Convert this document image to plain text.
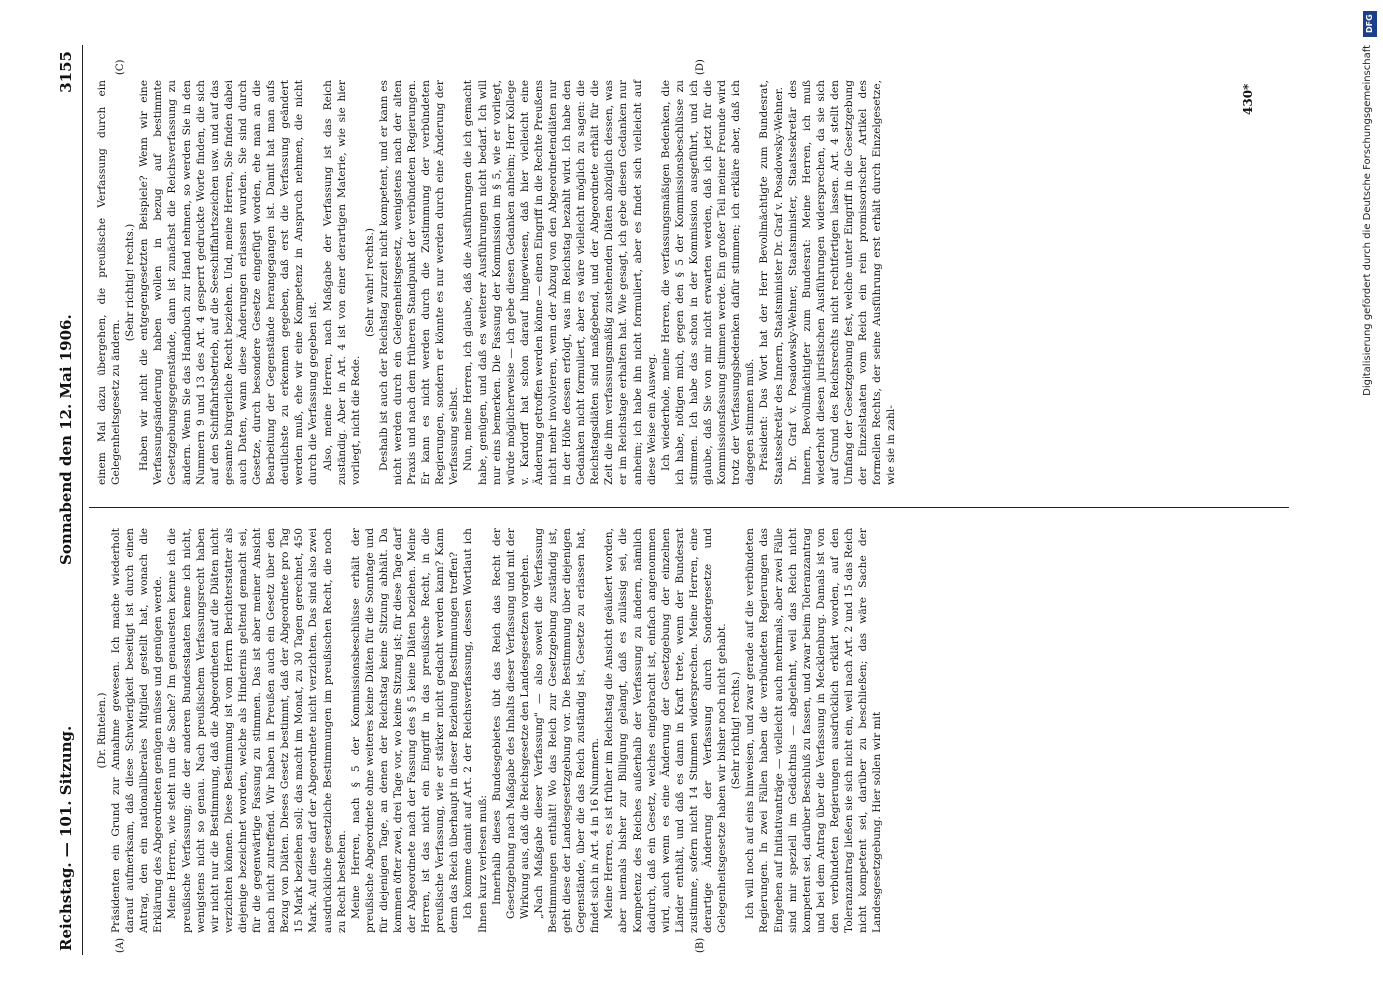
Reichstag. — 101. Sitzung.
Sonnabend den 12. Mai 1906.
3155
(A)	(B)
(C)	(D)

(Dr. Rintelen.) Präsidenten ein Grund zur Annahme gewesen. Ich mache wiederholt darauf aufmerksam, daß diese Schwierigkeit beseitigt ist durch einen Antrag, den ein nationalliberales Mitglied gestellt hat, wonach die Erklärung des Abgeordneten genügen müsse und genügen werde. Meine Herren, wie steht nun die Sache? Im genauesten kenne ich die preußische Verfassung; die der anderen Bundesstaaten kenne ich nicht, wenigstens nicht so genau. Nach preußischem Verfassungsrecht haben wir nicht nur die Bestimmung, daß die Abgeordneten auf die Diäten nicht verzichten können. Diese Bestimmung ist vom Herrn Berichterstatter als diejenige bezeichnet worden, welche als Hindernis geltend gemacht sei, für die gegenwärtige Fassung zu stimmen. Das ist aber meiner Ansicht nach nicht zutreffend. Wir haben in Preußen auch ein Gesetz über den Bezug von Diäten. Dieses Gesetz bestimmt, daß der Abgeordnete pro Tag 15 Mark beziehen soll; das macht im Monat, zu 30 Tagen gerechnet, 450 Mark. Auf diese darf der Abgeordnete nicht verzichten. Das sind also zwei ausdrückliche gesetzliche Bestimmungen im preußischen Recht, die noch zu Recht bestehen. Meine Herren, nach § 5 der Kommissionsbeschlüsse erhält der preußische Abgeordnete ohne weiteres keine Diäten für die Sonntage und für diejenigen Tage, an denen der Reichstag keine Sitzung abhält. Da kommen öfter zwei, drei Tage vor, wo keine Sitzung ist; für diese Tage darf der Abgeordnete nach der Fassung des § 5 keine Diäten beziehen. Meine Herren, ist das nicht ein Eingriff in das preußische Recht, in die preußische Verfassung, wie er stärker nicht gedacht werden kann? Kann denn das Reich überhaupt in dieser Beziehung Bestimmungen treffen? Ich komme damit auf Art. 2 der Reichsverfassung, dessen Wortlaut ich Ihnen kurz verlesen muß: Innerhalb dieses Bundesgebietes übt das Reich das Recht der Gesetzgebung nach Maßgabe des Inhalts dieser Verfassung und mit der Wirkung aus, daß die Reichsgesetze den Landesgesetzen vorgehen. „Nach Maßgabe dieser Verfassung" — also soweit die Verfassung Bestimmungen enthält! Wo das Reich zur Gesetzgebung zuständig ist, geht diese der Landesgesetzgebung vor. Die Bestimmung über diejenigen Gegenstände, über die das Reich zuständig ist, Gesetze zu erlassen hat, findet sich in Art. 4 in 16 Nummern. Meine Herren, es ist früher im Reichstag die Ansicht geäußert worden, aber niemals bisher zur Billigung gelangt, daß es zulässig sei, die Kompetenz des Reiches außerhalb der Verfassung zu ändern, nämlich dadurch, daß ein Gesetz, welches eingebracht ist, einfach angenommen wird, auch wenn es eine Änderung der Gesetzgebung der einzelnen Länder enthält, und daß es dann in Kraft trete, wenn der Bundesrat zustimme, sofern nicht 14 Stimmen widersprechen. Meine Herren, eine derartige Änderung der Verfassung durch Sondergesetze und Gelegenheitsgesetze haben wir bisher noch nicht gehabt. (Sehr richtig! rechts.) Ich will noch auf eins hinweisen, und zwar gerade auf die verbündeten Regierungen. In zwei Fällen haben die verbündeten Regierungen das Eingehen auf Initiativanträge — vielleicht auch mehrmals, aber zwei Fälle sind mir speziell im Gedächtnis — abgelehnt, weil das Reich nicht kompetent sei, darüber Beschluß zu fassen, und zwar beim Toleranzantrag und bei dem Antrag über die Verfassung in Mecklenburg. Damals ist von den verbündeten Regierungen ausdrücklich erklärt worden, auf den Toleranzantrag ließen sie sich nicht ein, weil nach Art. 2 und 15 das Reich nicht kompetent sei, darüber zu beschließen; das wäre Sache der Landesgesetzgebung. Hier sollen wir mit

einem Mal dazu übergehen, die preußische Verfassung durch ein Gelegenheitsgesetz zu ändern.

(Sehr richtig! rechts.) Haben wir nicht die entgegengesetzten Beispiele? Wenn wir eine Verfassungsänderung haben wollen in bezug auf bestimmte Gesetzgebungsgegenstände, dann ist zunächst die Reichsverfassung zu ändern. Wenn Sie das Handbuch zur Hand nehmen, so werden Sie in den Nummern 9 und 13 des Art. 4 gesperrt gedruckte Worte finden, die sich auf den Schiffahrtsbetrieb, auf die Seeschiffahrtszeichen usw. und auf das gesamte bürgerliche Recht beziehen. Und, meine Herren, Sie finden dabei auch Daten, wann diese Änderungen erlassen wurden. Sie sind durch Gesetze, durch besondere Gesetze eingefügt worden, ehe man an die Bearbeitung der Gegenstände herangegangen ist. Damit hat man aufs deutlichste zu erkennen gegeben, daß erst die Verfassung geändert werden muß, ehe wir eine Kompetenz in Anspruch nehmen, die nicht durch die Verfassung gegeben ist. Also, meine Herren, nach Maßgabe der Verfassung ist das Reich zuständig. Aber in Art. 4 ist von einer derartigen Materie, wie sie hier vorliegt, nicht die Rede.

(Sehr wahr! rechts.) Deshalb ist auch der Reichstag zurzeit nicht kompetent, und er kann es nicht werden durch ein Gelegenheitsgesetz, wenigstens nach der alten Praxis und nach dem früheren Standpunkt der verbündeten Regierungen. Er kann es nicht werden durch die Zustimmung der verbündeten Regierungen, sondern er könnte es nur werden durch eine Änderung der Verfassung selbst. Nun, meine Herren, ich glaube, daß die Ausführungen die ich gemacht habe, genügen, und daß es weiterer Ausführungen nicht bedarf. Ich will nur eins bemerken. Die Fassung der Kommission im § 5, wie er vorliegt, würde möglicherweise — ich gebe diesen Gedanken anheim; Herr Kollege v. Kardorff hat schon darauf hingewiesen, daß hier vielleicht eine Änderung getroffen werden könne — einen Eingriff in die Rechte Preußens nicht mehr involvieren, wenn der Abzug von den Abgeordnetendiäten nur in der Höhe dessen erfolgt, was im Reichstag bezahlt wird. Ich habe den Gedanken nicht formuliert, aber es wäre vielleicht möglich zu sagen: die Reichstagsdiäten sind maßgebend, und der Abgeordnete erhält für die Zeit die ihm verfassungsmäßig zustehenden Diäten abzüglich dessen, was er im Reichstage erhalten hat. Wie gesagt, ich gebe diesen Gedanken nur anheim; ich habe ihn nicht formuliert, aber es findet sich vielleicht auf diese Weise ein Ausweg. Ich wiederhole, meine Herren, die verfassungsmäßigen Bedenken, die ich habe, nötigen mich, gegen den § 5 der Kommissionsbeschlüsse zu stimmen. Ich habe das schon in der Kommission ausgeführt, und ich glaube, daß Sie von mir nicht erwarten werden, daß ich jetzt für die Kommissionsfassung stimmen werde. Ein großer Teil meiner Freunde wird trotz der Verfassungsbedenken dafür stimmen; ich erkläre aber, daß ich dagegen stimmen muß. Präsident: Das Wort hat der Herr Bevollmächtigte zum Bundesrat, Staatssekretär des Innern, Staatsminister Dr. Graf v. Posadowsky-Wehner. Dr. Graf v. Posadowsky-Wehner, Staatsminister, Staatssekretär des Innern, Bevollmächtigter zum Bundesrat: Meine Herren, ich muß wiederholt diesen juristischen Ausführungen widersprechen, da sie sich auf Grund des Reichsrechts nicht rechtfertigen lassen. Art. 4 stellt den Umfang der Gesetzgebung fest, welche unter Eingriff in die Gesetzgebung der Einzelstaaten vom Reich ein rein promissorischer Artikel des formellen Rechts, der seine Ausführung erst erhält durch Einzelgesetze, wie sie in zahl-

430*
DFG
Digitalisierung gefördert durch die Deutsche Forschungsgemeinschaft
